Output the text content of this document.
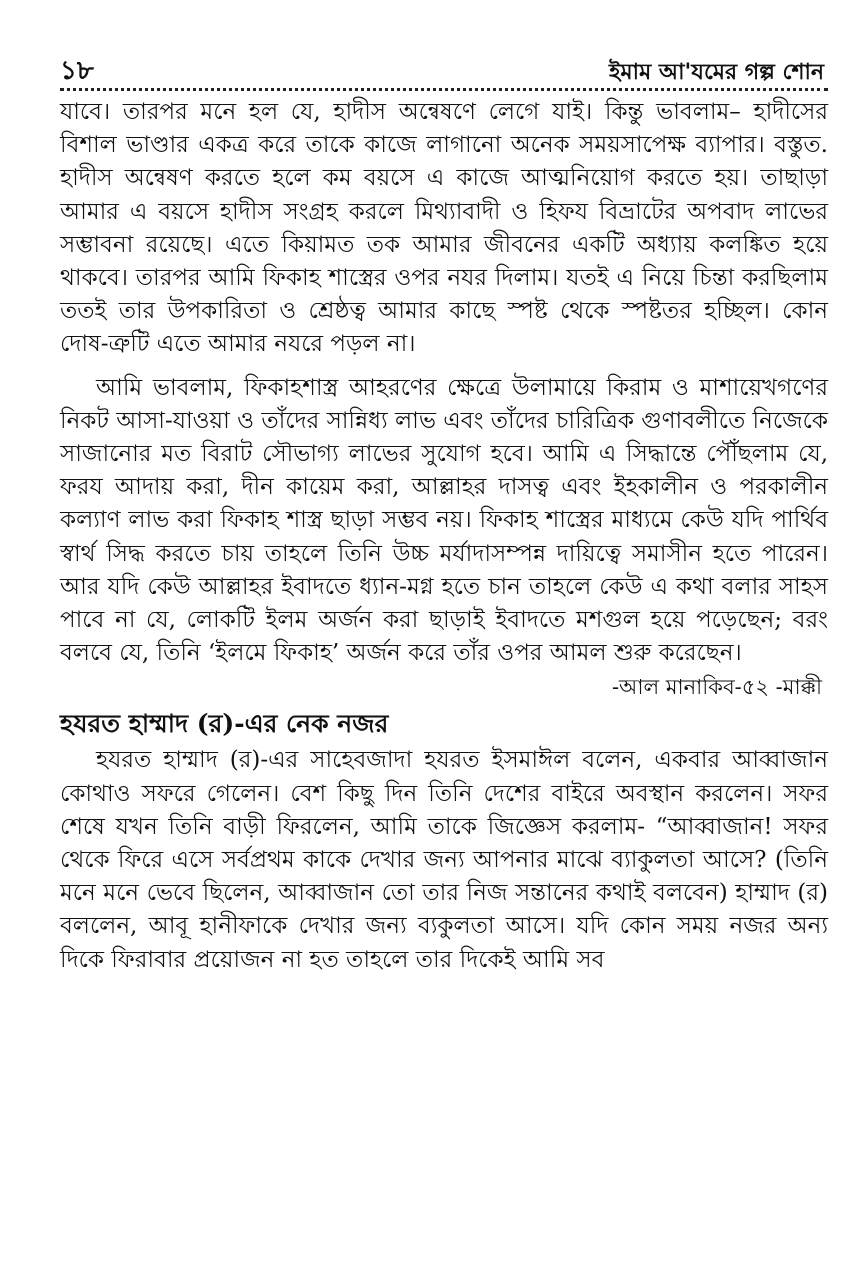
১৮	ইমাম আ'যমের গল্প শোন

যাবে। তারপর মনে হল যে, হাদীস অন্বেষণে লেগে যাই। কিন্তু ভাবলাম– হাদীসের বিশাল ভাণ্ডার একত্র করে তাকে কাজে লাগানো অনেক সময়সাপেক্ষ ব্যাপার। বস্তুত. হাদীস অন্বেষণ করতে হলে কম বয়সে এ কাজে আত্মনিয়োগ করতে হয়। তাছাড়া আমার এ বয়সে হাদীস সংগ্রহ করলে মিথ্যাবাদী ও হিফয বিভ্রাটের অপবাদ লাভের সম্ভাবনা রয়েছে। এতে কিয়ামত তক আমার জীবনের একটি অধ্যায় কলঙ্কিত হয়ে থাকবে। তারপর আমি ফিকাহ শাস্ত্রের ওপর নযর দিলাম। যতই এ নিয়ে চিন্তা করছিলাম ততই তার উপকারিতা ও শ্রেষ্ঠত্ব আমার কাছে স্পষ্ট থেকে স্পষ্টতর হচ্ছিল। কোন দোষ-ত্রুটি এতে আমার নযরে পড়ল না।

আমি ভাবলাম, ফিকাহশাস্ত্র আহরণের ক্ষেত্রে উলামায়ে কিরাম ও মাশায়েখগণের নিকট আসা-যাওয়া ও তাঁদের সান্নিধ্য লাভ এবং তাঁদের চারিত্রিক গুণাবলীতে নিজেকে সাজানোর মত বিরাট সৌভাগ্য লাভের সুযোগ হবে। আমি এ সিদ্ধান্তে পৌঁছলাম যে, ফরয আদায় করা, দীন কায়েম করা, আল্লাহর দাসত্ব এবং ইহকালীন ও পরকালীন কল্যাণ লাভ করা ফিকাহ শাস্ত্র ছাড়া সম্ভব নয়। ফিকাহ শাস্ত্রের মাধ্যমে কেউ যদি পার্থিব স্বার্থ সিদ্ধ করতে চায় তাহলে তিনি উচ্চ মর্যাদাসম্পন্ন দায়িত্বে সমাসীন হতে পারেন। আর যদি কেউ আল্লাহর ইবাদতে ধ্যান-মগ্ন হতে চান তাহলে কেউ এ কথা বলার সাহস পাবে না যে, লোকটি ইলম অর্জন করা ছাড়াই ইবাদতে মশগুল হয়ে পড়েছেন; বরং বলবে যে, তিনি ‘ইলমে ফিকাহ’ অর্জন করে তাঁর ওপর আমল শুরু করেছেন।

-আল মানাকিব-৫২ -মাক্কী
হযরত হাম্মাদ (র)-এর নেক নজর

হযরত হাম্মাদ (র)-এর সাহেবজাদা হযরত ইসমাঈল বলেন, একবার আব্বাজান কোথাও সফরে গেলেন। বেশ কিছু দিন তিনি দেশের বাইরে অবস্থান করলেন। সফর শেষে যখন তিনি বাড়ী ফিরলেন, আমি তাকে জিজ্ঞেস করলাম- “আব্বাজান! সফর থেকে ফিরে এসে সর্বপ্রথম কাকে দেখার জন্য আপনার মাঝে ব্যাকুলতা আসে? (তিনি মনে মনে ভেবে ছিলেন, আব্বাজান তো তার নিজ সন্তানের কথাই বলবেন) হাম্মাদ (র) বললেন, আবূ হানীফাকে দেখার জন্য ব্যকুলতা আসে। যদি কোন সময় নজর অন্য দিকে ফিরাবার প্রয়োজন না হত তাহলে তার দিকেই আমি সব
